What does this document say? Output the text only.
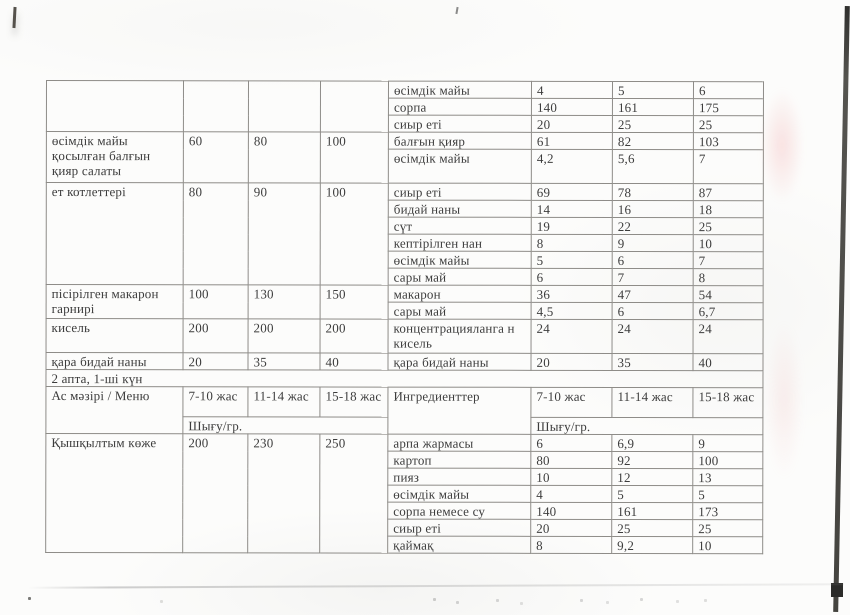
				өсімдік майы	4	5	6
				сорпа	140	161	175
				сиыр еті	20	25	25
өсімдік майы қосылған балғын қияр салаты	60	80	100	балғын қияр	61	82	103
				өсімдік майы	4,2	5,6	7
ет котлеттері	80	90	100	сиыр еті	69	78	87
				бидай наны	14	16	18
				сүт	19	22	25
				кептірілген нан	8	9	10
				өсімдік майы	5	6	7
				сары май	6	7	8
пісірілген макарон гарнирі	100	130	150	макарон	36	47	54
				сары май	4,5	6	6,7
кисель	200	200	200	концентрацияланга н кисель	24	24	24
қара бидай наны	20	35	40	қара бидай наны	20	35	40
2 апта, 1-ші күн							
Ас мәзірі / Меню	7-10 жас	11-14 жас	15-18 жас	Ингредиенттер	7-10 жас	11-14 жас	15-18 жас
	Шығу/гр.				Шығу/гр.		
Қышқылтым көже	200	230	250	арпа жармасы	6	6,9	9
				картоп	80	92	100
				пияз	10	12	13
				өсімдік майы	4	5	5
				сорпа немесе су	140	161	173
				сиыр еті	20	25	25
				қаймақ	8	9,2	10
